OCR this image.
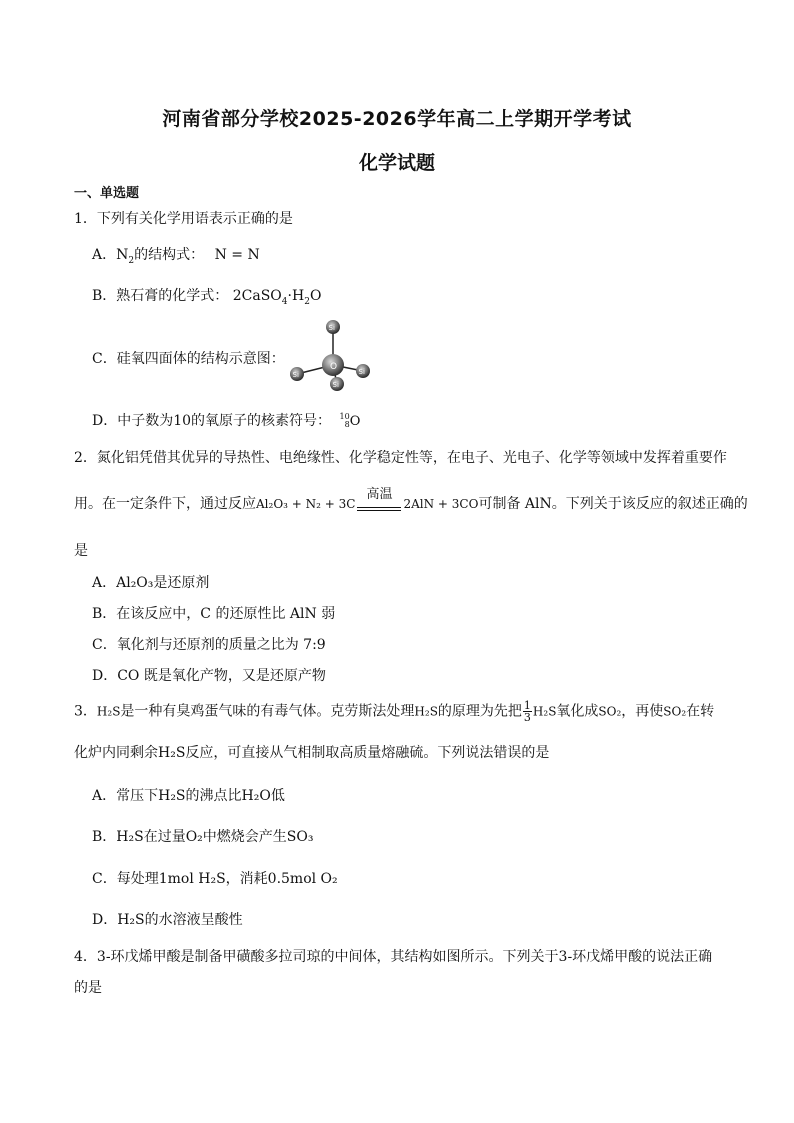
河南省部分学校2025-2026学年高二上学期开学考试
化学试题
一、单选题
1．下列有关化学用语表示正确的是
A．$N_2$的结构式： N = N
B．熟石膏的化学式： $2CaSO_4\cdot H_2O$
C．硅氧四面体的结构示意图：	O
Si
Si	Si
Si
D．中子数为10的氧原子的核素符号： 10
8 O
2．氮化铝凭借其优异的导热性、电绝缘性、化学稳定性等，在电子、光电子、化学等领域中发挥着重要作
用。在一定条件下，通过反应Al₂O₃ + N₂ + 3C
高温
2AlN + 3CO可制备 AlN。下列关于该反应的叙述正确的
是
A．Al₂O₃是还原剂
B．在该反应中，C 的还原性比 AlN 弱
C．氧化剂与还原剂的质量之比为 7:9
D．CO 既是氧化产物，又是还原产物
3．H₂S是一种有臭鸡蛋气味的有毒气体。克劳斯法处理H₂S的原理为先把 $\frac{1}{3} H_2S$氧化成SO₂，再使SO₂在转
化炉内同剩余H₂S反应，可直接从气相制取高质量熔融硫。下列说法错误的是
A．常压下H₂S的沸点比H₂O低
B．H₂S在过量O₂中燃烧会产生SO₃
C．每处理1mol H₂S，消耗0.5mol O₂
D．H₂S的水溶液呈酸性
4．3-环戊烯甲酸是制备甲磺酸多拉司琼的中间体，其结构如图所示。下列关于3-环戊烯甲酸的说法正确
的是
